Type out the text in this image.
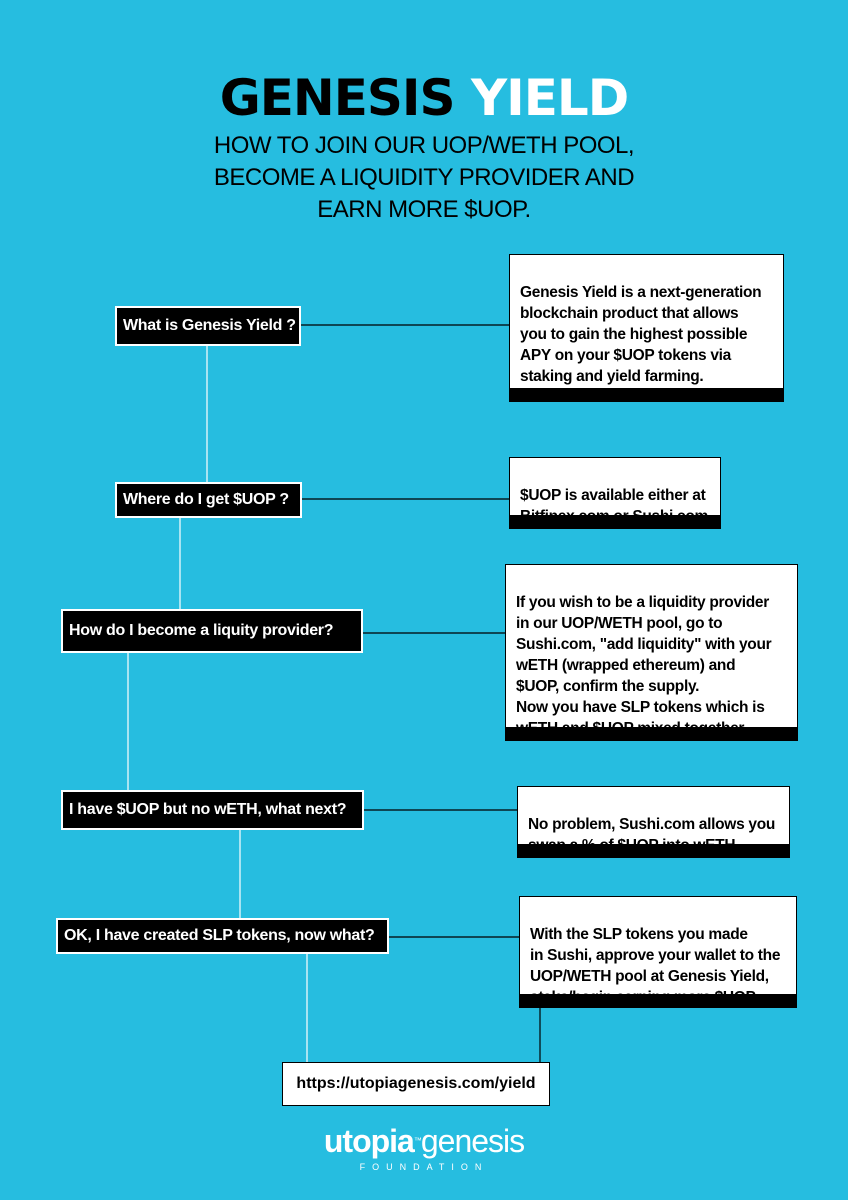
GENESIS YIELD
HOW TO JOIN OUR UOP/WETH POOL,
BECOME A LIQUIDITY PROVIDER AND
EARN MORE $UOP.
What is Genesis Yield ?

Genesis Yield is a next-generation
blockchain product that allows
you to gain the highest possible
APY on your $UOP tokens via
staking and yield farming.

Where do I get $UOP ?	$UOP is available either at

How do I become a liquity provider?

If you wish to be a liquidity provider
in our UOP/WETH pool, go to
Sushi.com, "add liquidity" with your
wETH (wrapped ethereum) and
$UOP, confirm the supply.
Now you have SLP tokens which is

I have $UOP but no wETH, what next?

No problem, Sushi.com allows you

OK, I have created SLP tokens, now what?	With the SLP tokens you made
in Sushi, approve your wallet to the
UOP/WETH pool at Genesis Yield,

https://utopiagenesis.com/yield
utopia™genesis
FOUNDATION
